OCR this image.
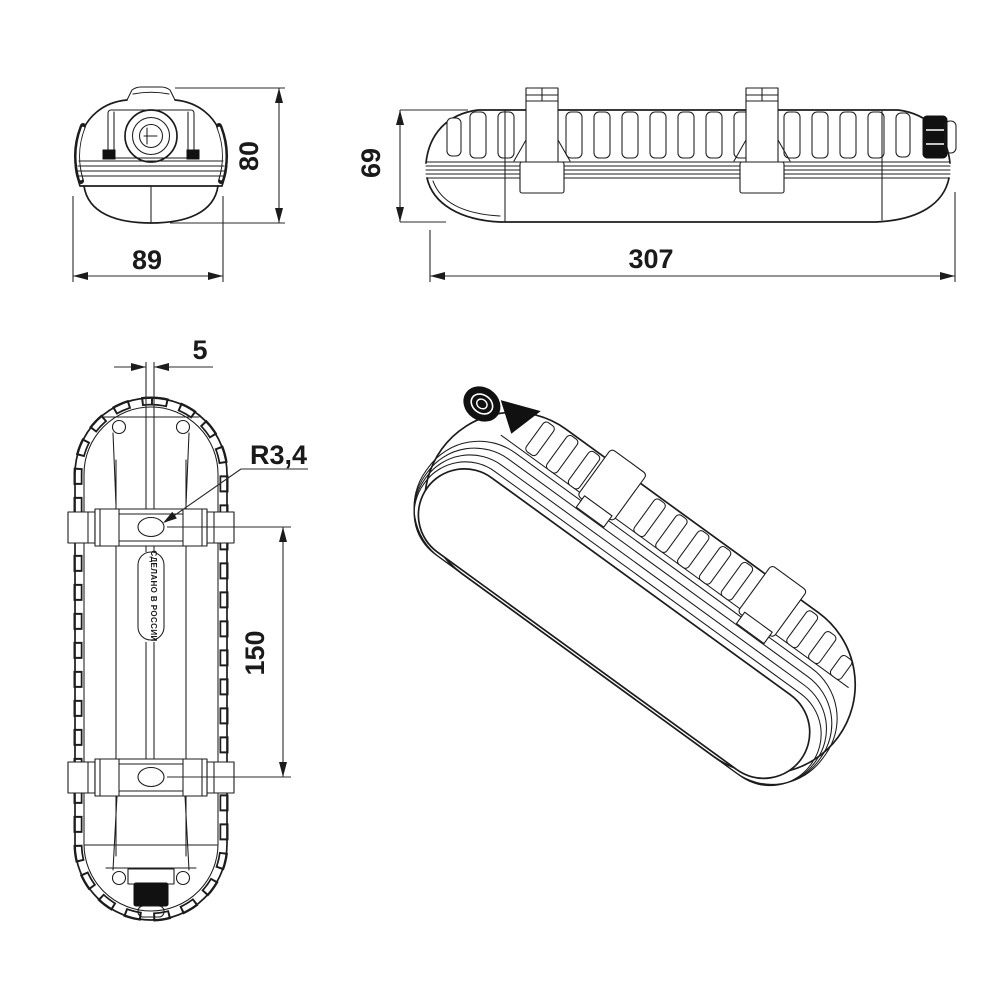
80
89
69
307
СДЕЛАНО В РОССИИ
5
R3,4
150
